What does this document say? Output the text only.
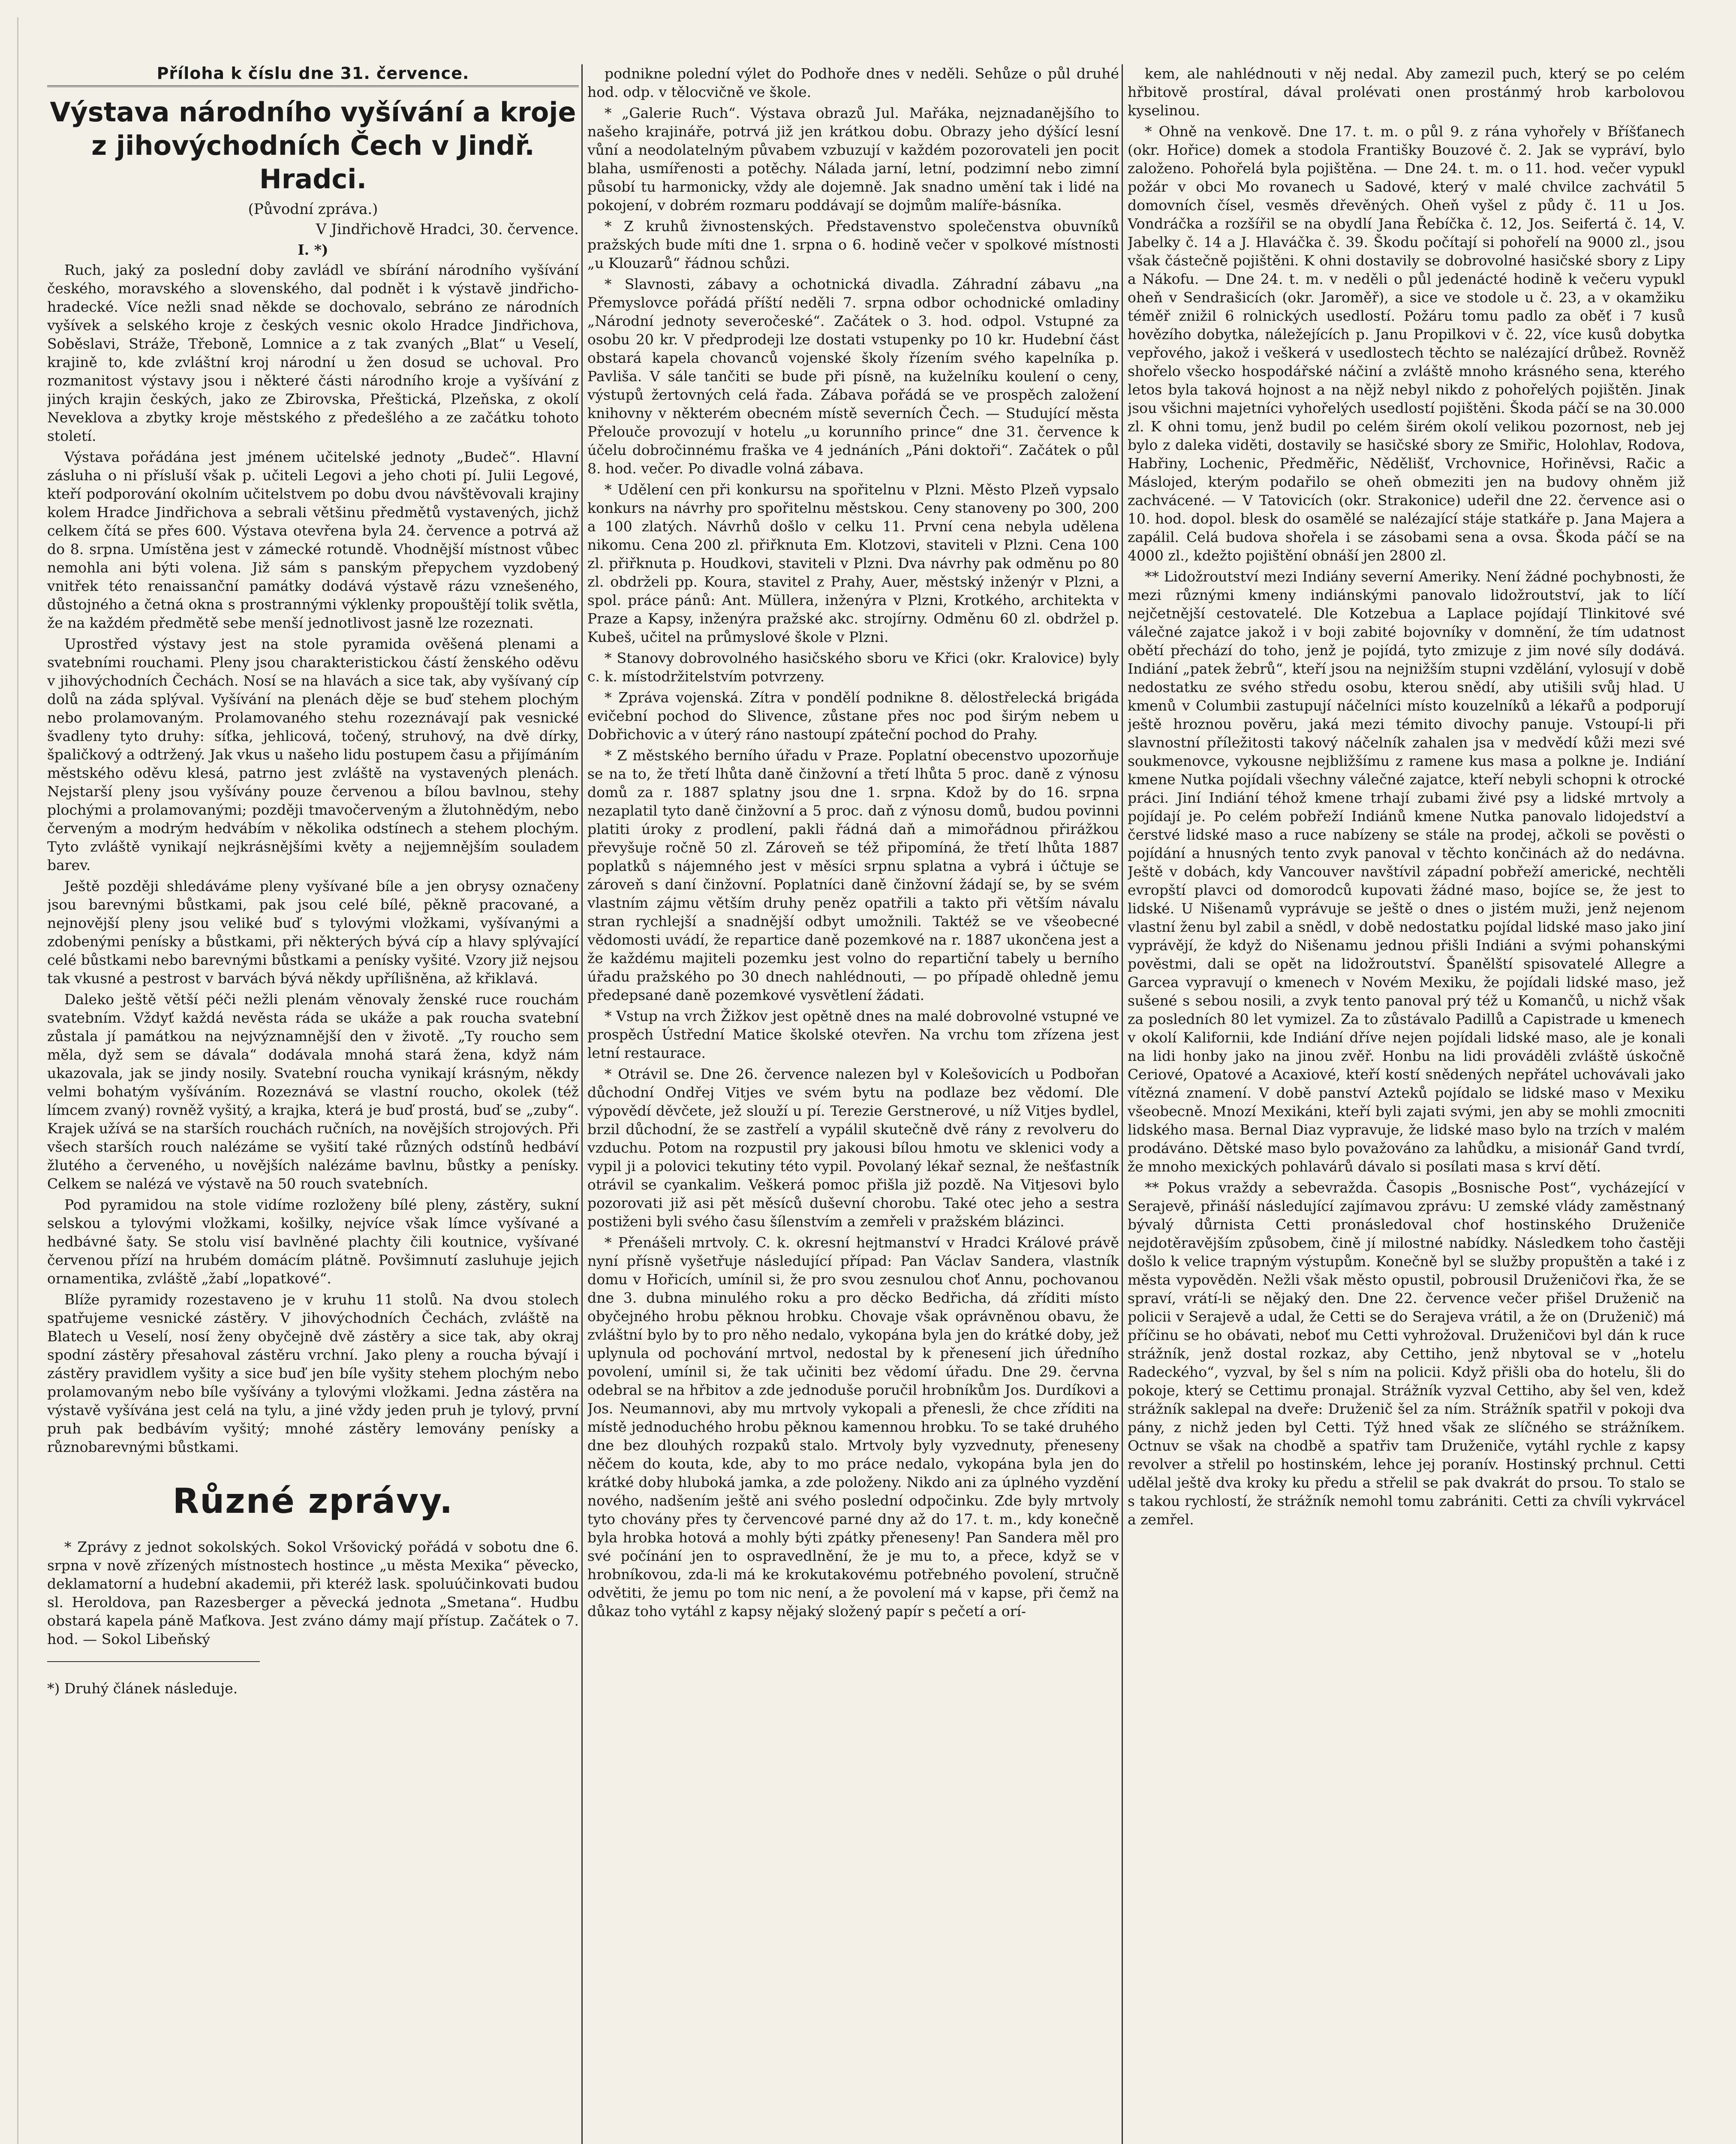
Příloha k číslu dne 31. července.
Výstava národního vyšívání a kroje z jihovýchodních Čech v Jindř. Hradci.
(Původní zpráva.)
V Jindřichově Hradci, 30. července.
I. *)

Ruch, jaký za poslední doby zavládl ve sbírání národního vyšívání českého, moravského a slovenského, dal podnět i k výstavě jindřicho-hradecké. Více nežli snad někde se dochovalo, sebráno ze národních vyšívek a selského kroje z českých vesnic okolo Hradce Jindřichova, Soběslavi, Stráže, Třeboně, Lomnice a z tak zvaných „Blat“ u Veselí, krajině to, kde zvláštní kroj národní u žen dosud se uchoval. Pro rozmanitost výstavy jsou i některé části národního kroje a vyšívání z jiných krajin českých, jako ze Zbirovska, Přeštická, Plzeňska, z okolí Neveklova a zbytky kroje městského z předešlého a ze začátku tohoto století.

Výstava pořádána jest jménem učitelské jednoty „Budeč“. Hlavní zásluha o ni přísluší však p. učiteli Legovi a jeho choti pí. Julii Legové, kteří podporování okolním učitelstvem po dobu dvou návštěvovali krajiny kolem Hradce Jindřichova a sebrali většinu předmětů vystavených, jichž celkem čítá se přes 600. Výstava otevřena byla 24. července a potrvá až do 8. srpna. Umístěna jest v zámecké rotundě. Vhodnější místnost vůbec nemohla ani býti volena. Již sám s panským přepychem vyzdobený vnitřek této renaissanční památky dodává výstavě rázu vznešeného, důstojného a četná okna s prostrannými výklenky propouštějí tolik světla, že na každém předmětě sebe menší jednotlivost jasně lze rozeznati.

Uprostřed výstavy jest na stole pyramida ověšená plenami a svatebními rouchami. Pleny jsou charakteristickou částí ženského oděvu v jihovýchodních Čechách. Nosí se na hlavách a sice tak, aby vyšívaný cíp dolů na záda splýval. Vyšívání na plenách děje se buď stehem plochým nebo prolamovaným. Prolamovaného stehu rozeznávají pak vesnické švadleny tyto druhy: síťka, jehlicová, točený, struhový, na dvě dírky, špaličkový a odtržený. Jak vkus u našeho lidu postupem času a přijímáním městského oděvu klesá, patrno jest zvláště na vystavených plenách. Nejstarší pleny jsou vyšívány pouze červenou a bílou bavlnou, stehy plochými a prolamovanými; později tmavočerveným a žlutohnědým, nebo červeným a modrým hedvábím v několika odstínech a stehem plochým. Tyto zvláště vynikají nejkrásnějšími květy a nejjemnějším souladem barev.

Ještě později shledáváme pleny vyšívané bíle a jen obrysy označeny jsou barevnými bůstkami, pak jsou celé bílé, pěkně pracované, a nejnovější pleny jsou veliké buď s tylovými vložkami, vyšívanými a zdobenými penísky a bůstkami, při některých bývá cíp a hlavy splývající celé bůstkami nebo barevnými bůstkami a penísky vyšité. Vzory již nejsou tak vkusné a pestrost v barvách bývá někdy upřílišněna, až křiklavá.

Daleko ještě větší péči nežli plenám věnovaly ženské ruce rouchám svatebním. Vždyť každá nevěsta ráda se ukáže a pak roucha svatební zůstala jí památkou na nejvýznamnější den v životě. „Ty roucho sem měla, dyž sem se dávala“ dodávala mnohá stará žena, když nám ukazovala, jak se jindy nosily. Svatební roucha vynikají krásným, někdy velmi bohatým vyšíváním. Rozeznává se vlastní roucho, okolek (též límcem zvaný) rovněž vyšitý, a krajka, která je buď prostá, buď se „zuby“. Krajek užívá se na starších rouchách ručních, na novějších strojových. Při všech starších rouch nalézáme se vyšití také různých odstínů hedbáví žlutého a červeného, u novějších nalézáme bavlnu, bůstky a penísky. Celkem se nalézá ve výstavě na 50 rouch svatebních.

Pod pyramidou na stole vidíme rozloženy bílé pleny, zástěry, sukní selskou a tylovými vložkami, košilky, nejvíce však límce vyšívané a hedbávné šaty. Se stolu visí bavlněné plachty čili koutnice, vyšívané červenou přízí na hrubém domácím plátně. Povšimnutí zasluhuje jejich ornamentika, zvláště „žabí „lopatkové“.

Blíže pyramidy rozestaveno je v kruhu 11 stolů. Na dvou stolech spatřujeme vesnické zástěry. V jihovýchodních Čechách, zvláště na Blatech u Veselí, nosí ženy obyčejně dvě zástěry a sice tak, aby okraj spodní zástěry přesahoval zástěru vrchní. Jako pleny a roucha bývají i zástěry pravidlem vyšity a sice buď jen bíle vyšity stehem plochým nebo prolamovaným nebo bíle vyšívány a tylovými vložkami. Jedna zástěra na výstavě vyšívána jest celá na tylu, a jiné vždy jeden pruh je tylový, první pruh pak bedbávím vyšitý; mnohé zástěry lemovány penísky a různobarevnými bůstkami.

Různé zprávy.

* Zprávy z jednot sokolských. Sokol Vršovický pořádá v sobotu dne 6. srpna v nově zřízených místnostech hostince „u města Mexika“ pěvecko, deklamatorní a hudební akademii, při kteréž lask. spoluúčinkovati budou sl. Heroldova, pan Razesberger a pěvecká jednota „Smetana“. Hudbu obstará kapela páně Maťkova. Jest zváno dámy mají přístup. Začátek o 7. hod. — Sokol Libeňský

*) Druhý článek následuje.

podnikne polední výlet do Podhoře dnes v neděli. Sehůze o půl druhé hod. odp. v tělocvičně ve škole.

* „Galerie Ruch“. Výstava obrazů Jul. Mařáka, nejznadanějšího to našeho krajináře, potrvá již jen krátkou dobu. Obrazy jeho dýšící lesní vůní a neodolatelným půvabem vzbuzují v každém pozorovateli jen pocit blaha, usmířenosti a potěchy. Nálada jarní, letní, podzimní nebo zimní působí tu harmonicky, vždy ale dojemně. Jak snadno umění tak i lidé na pokojení, v dobrém rozmaru poddávají se dojmům malíře-básníka.

* Z kruhů živnostenských. Představenstvo společenstva obuvníků pražských bude míti dne 1. srpna o 6. hodině večer v spolkové místnosti „u Klouzarů“ řádnou schůzi.

* Slavnosti, zábavy a ochotnická divadla. Záhradní zábavu „na Přemyslovce pořádá příští neděli 7. srpna odbor ochodnické omladiny „Národní jednoty severočeské“. Začátek o 3. hod. odpol. Vstupné za osobu 20 kr. V předprodeji lze dostati vstupenky po 10 kr. Hudební část obstará kapela chovanců vojenské školy řízením svého kapelníka p. Pavliša. V sále tančiti se bude při písně, na kuželníku koulení o ceny, výstupů žertovných celá řada. Zábava pořádá se ve prospěch založení knihovny v některém obecném místě severních Čech. — Studující města Přelouče provozují v hotelu „u korunního prince“ dne 31. července k účelu dobročinnému fraška ve 4 jednáních „Páni doktoři“. Začátek o půl 8. hod. večer. Po divadle volná zábava.

* Udělení cen při konkursu na spořitelnu v Plzni. Město Plzeň vypsalo konkurs na návrhy pro spořitelnu městskou. Ceny stanoveny po 300, 200 a 100 zlatých. Návrhů došlo v celku 11. První cena nebyla udělena nikomu. Cena 200 zl. přiřknuta Em. Klotzovi, staviteli v Plzni. Cena 100 zl. přiřknuta p. Houdkovi, staviteli v Plzni. Dva návrhy pak odměnu po 80 zl. obdrželi pp. Koura, stavitel z Prahy, Auer, městský inženýr v Plzni, a spol. práce pánů: Ant. Müllera, inženýra v Plzni, Krotkého, architekta v Praze a Kapsy, inženýra pražské akc. strojírny. Odměnu 60 zl. obdržel p. Kubeš, učitel na průmyslové škole v Plzni.

* Stanovy dobrovolného hasičského sboru ve Křici (okr. Kralovice) byly c. k. místodržitelstvím potvrzeny.

* Zpráva vojenská. Zítra v pondělí podnikne 8. dělostřelecká brigáda evičební pochod do Slivence, zůstane přes noc pod širým nebem u Dobřichovic a v úterý ráno nastoupí zpáteční pochod do Prahy.

* Z městského berního úřadu v Praze. Poplatní obecenstvo upozorňuje se na to, že třetí lhůta daně činžovní a třetí lhůta 5 proc. daně z výnosu domů za r. 1887 splatny jsou dne 1. srpna. Kdož by do 16. srpna nezaplatil tyto daně činžovní a 5 proc. daň z výnosu domů, budou povinni platiti úroky z prodlení, pakli řádná daň a mimořádnou přirážkou převyšuje ročně 50 zl. Zároveň se též připomíná, že třetí lhůta 1887 poplatků s nájemného jest v měsíci srpnu splatna a vybrá i účtuje se zároveň s daní činžovní. Poplatníci daně činžovní žádají se, by se svém vlastním zájmu větším druhy peněz opatřili a takto při větším návalu stran rychlejší a snadnější odbyt umožnili. Taktéž se ve všeobecné vědomosti uvádí, že repartice daně pozemkové na r. 1887 ukončena jest a že každému majiteli pozemku jest volno do repartiční tabely u berního úřadu pražského po 30 dnech nahlédnouti, — po případě ohledně jemu předepsané daně pozemkové vysvětlení žádati.

* Vstup na vrch Žižkov jest opětně dnes na malé dobrovolné vstupné ve prospěch Ústřední Matice školské otevřen. Na vrchu tom zřízena jest letní restaurace.

* Otrávil se. Dne 26. července nalezen byl v Kolešovicích u Podbořan důchodní Ondřej Vitjes ve svém bytu na podlaze bez vědomí. Dle výpovědí děvčete, jež slouží u pí. Terezie Gerstnerové, u níž Vitjes bydlel, brzil důchodní, že se zastřelí a vypálil skutečně dvě rány z revolveru do vzduchu. Potom na rozpustil pry jakousi bílou hmotu ve sklenici vody a vypil ji a polovici tekutiny této vypil. Povolaný lékař seznal, že nešťastník otrávil se cyankalim. Veškerá pomoc přišla již pozdě. Na Vitjesovi bylo pozorovati již asi pět měsíců duševní chorobu. Také otec jeho a sestra postiženi byli svého času šílenstvím a zemřeli v pražském blázinci.

* Přenášeli mrtvoly. C. k. okresní hejtmanství v Hradci Králové právě nyní přísně vyšetřuje následující případ: Pan Václav Sandera, vlastník domu v Hořicích, umínil si, že pro svou zesnulou choť Annu, pochovanou dne 3. dubna minulého roku a pro děcko Bedřicha, dá zříditi místo obyčejného hrobu pěknou hrobku. Chovaje však oprávněnou obavu, že zvláštní bylo by to pro něho nedalo, vykopána byla jen do krátké doby, jež uplynula od pochování mrtvol, nedostal by k přenesení jich úředního povolení, umínil si, že tak učiniti bez vědomí úřadu. Dne 29. června odebral se na hřbitov a zde jednoduše poručil hrobníkům Jos. Durdíkovi a Jos. Neumannovi, aby mu mrtvoly vykopali a přenesli, že chce zříditi na místě jednoduchého hrobu pěknou kamennou hrobku. To se také druhého dne bez dlouhých rozpaků stalo. Mrtvoly byly vyzvednuty, přeneseny něčem do kouta, kde, aby to mo práce nedalo, vykopána byla jen do krátké doby hluboká jamka, a zde položeny. Nikdo ani za úplného vyzdění nového, nadšením ještě ani svého poslední odpočinku. Zde byly mrtvoly tyto chovány přes ty červencové parné dny až do 17. t. m., kdy konečně byla hrobka hotová a mohly býti zpátky přeneseny! Pan Sandera měl pro své počínání jen to ospravedlnění, že je mu to, a přece, když se v hrobníkovou, zda-li má ke krokutakovému potřebného povolení, stručně odvětiti, že jemu po tom nic není, a že povolení má v kapse, při čemž na důkaz toho vytáhl z kapsy nějaký složený papír s pečetí a orí-

kem, ale nahlédnouti v něj nedal. Aby zamezil puch, který se po celém hřbitově prostíral, dával prolévati onen prostánmý hrob karbolovou kyselinou.

* Ohně na venkově. Dne 17. t. m. o půl 9. z rána vyhořely v Bříšťanech (okr. Hořice) domek a stodola Františky Bouzové č. 2. Jak se vypráví, bylo založeno. Pohořelá byla pojištěna. — Dne 24. t. m. o 11. hod. večer vypukl požár v obci Mo rovanech u Sadové, který v malé chvilce zachvátil 5 domovních čísel, vesměs dřevěných. Oheň vyšel z půdy č. 11 u Jos. Vondráčka a rozšířil se na obydlí Jana Řebíčka č. 12, Jos. Seifertá č. 14, V. Jabelky č. 14 a J. Hlaváčka č. 39. Škodu počítají si pohořelí na 9000 zl., jsou však částečně pojištěni. K ohni dostavily se dobrovolné hasičské sbory z Lipy a Nákofu. — Dne 24. t. m. v neděli o půl jedenácté hodině k večeru vypukl oheň v Sendrašicích (okr. Jaroměř), a sice ve stodole u č. 23, a v okamžiku téměř znižil 6 rolnických usedlostí. Požáru tomu padlo za oběť i 7 kusů hovězího dobytka, náležejících p. Janu Propilkovi v č. 22, více kusů dobytka vepřového, jakož i veškerá v usedlostech těchto se nalézající drůbež. Rovněž shořelo všecko hospodářské náčiní a zvláště mnoho krásného sena, kterého letos byla taková hojnost a na nějž nebyl nikdo z pohořelých pojištěn. Jinak jsou všichni majetníci vyhořelých usedlostí pojištěni. Škoda páčí se na 30.000 zl. K ohni tomu, jenž budil po celém širém okolí velikou pozornost, neb jej bylo z daleka viděti, dostavily se hasičské sbory ze Smiřic, Holohlav, Rodova, Habřiny, Lochenic, Předměřic, Nědělišť, Vrchovnice, Hořiněvsi, Račic a Máslojed, kterým podařilo se oheň obmeziti jen na budovy ohněm již zachvácené. — V Tatovicích (okr. Strakonice) udeřil dne 22. července asi o 10. hod. dopol. blesk do osamělé se nalézající stáje statkáře p. Jana Majera a zapálil. Celá budova shořela i se zásobami sena a ovsa. Škoda páčí se na 4000 zl., kdežto pojištění obnáší jen 2800 zl.

** Lidožroutství mezi Indiány severní Ameriky. Není žádné pochybnosti, že mezi různými kmeny indiánskými panovalo lidožroutství, jak to líčí nejčetnější cestovatelé. Dle Kotzebua a Laplace pojídají Tlinkitové své válečné zajatce jakož i v boji zabité bojovníky v domnění, že tím udatnost obětí přechází do toho, jenž je pojídá, tyto zmizuje z jim nové síly dodává. Indiání „patek žebrů“, kteří jsou na nejnižším stupni vzdělání, vylosují v době nedostatku ze svého středu osobu, kterou snědí, aby utišili svůj hlad. U kmenů v Columbii zastupují náčelníci místo kouzelníků a lékařů a podporují ještě hroznou pověru, jaká mezi témito divochy panuje. Vstoupí-li při slavnostní příležitosti takový náčelník zahalen jsa v medvědí kůži mezi své soukmenovce, vykousne nejbližšímu z ramene kus masa a polkne je. Indiání kmene Nutka pojídali všechny válečné zajatce, kteří nebyli schopni k otrocké práci. Jiní Indiání téhož kmene trhají zubami živé psy a lidské mrtvoly a pojídají je. Po celém pobřeží Indiánů kmene Nutka panovalo lidojedství a čerstvé lidské maso a ruce nabízeny se stále na prodej, ačkoli se pověsti o pojídání a hnusných tento zvyk panoval v těchto končinách až do nedávna. Ještě v dobách, kdy Vancouver navštívil západní pobřeží americké, nechtěli evropští plavci od domorodců kupovati žádné maso, bojíce se, že jest to lidské. U Nišenamů vyprávuje se ještě o dnes o jistém muži, jenž nejenom vlastní ženu byl zabil a snědl, v době nedostatku pojídal lidské maso jako jiní vyprávějí, že když do Nišenamu jednou přišli Indiáni a svými pohanskými pověstmi, dali se opět na lidožroutství. Španělští spisovatelé Allegre a Garcea vypravují o kmenech v Novém Mexiku, že pojídali lidské maso, jež sušené s sebou nosili, a zvyk tento panoval prý též u Komančů, u nichž však za posledních 80 let vymizel. Za to zůstávalo Padillů a Capistrade u kmenech v okolí Kalifornii, kde Indiání dříve nejen pojídali lidské maso, ale je konali na lidi honby jako na jinou zvěř. Honbu na lidi prováděli zvláště úskočně Ceriové, Opatové a Acaxiové, kteří kostí snědených nepřátel uchovávali jako vítězná znamení. V době panství Azteků pojídalo se lidské maso v Mexiku všeobecně. Mnozí Mexikáni, kteří byli zajati svými, jen aby se mohli zmocniti lidského masa. Bernal Diaz vypravuje, že lidské maso bylo na trzích v malém prodáváno. Dětské maso bylo považováno za lahůdku, a misionář Gand tvrdí, že mnoho mexických pohlavárů dávalo si posílati masa s krví dětí.

** Pokus vraždy a sebevražda. Časopis „Bosnische Post“, vycházející v Serajevě, přináší následující zajímavou zprávu: U zemské vlády zaměstnaný bývalý důrnista Cetti pronásledoval chof hostinského Druženiče nejdotěravějším způsobem, čině jí milostné nabídky. Následkem toho častěji došlo k velice trapným výstupům. Konečně byl se služby propuštěn a také i z města vypověděn. Nežli však město opustil, pobrousil Druženičovi řka, že se spraví, vrátí-li se nějaký den. Dne 22. července večer přišel Druženič na policii v Serajevě a udal, že Cetti se do Serajeva vrátil, a že on (Druženič) má příčinu se ho obávati, neboť mu Cetti vyhrožoval. Druženičovi byl dán k ruce strážník, jenž dostal rozkaz, aby Cettiho, jenž nbytoval se v „hotelu Radeckého“, vyzval, by šel s ním na policii. Když přišli oba do hotelu, šli do pokoje, který se Cettimu pronajal. Strážník vyzval Cettiho, aby šel ven, kdež strážník saklepal na dveře: Druženič šel za ním. Strážník spatřil v pokoji dva pány, z nichž jeden byl Cetti. Týž hned však ze slíčného se strážníkem. Octnuv se však na chodbě a spatřiv tam Druženiče, vytáhl rychle z kapsy revolver a střelil po hostinském, lehce jej poranív. Hostinský prchnul. Cetti udělal ještě dva kroky ku předu a střelil se pak dvakrát do prsou. To stalo se s takou rychlostí, že strážník nemohl tomu zabrániti. Cetti za chvíli vykrvácel a zemřel.
